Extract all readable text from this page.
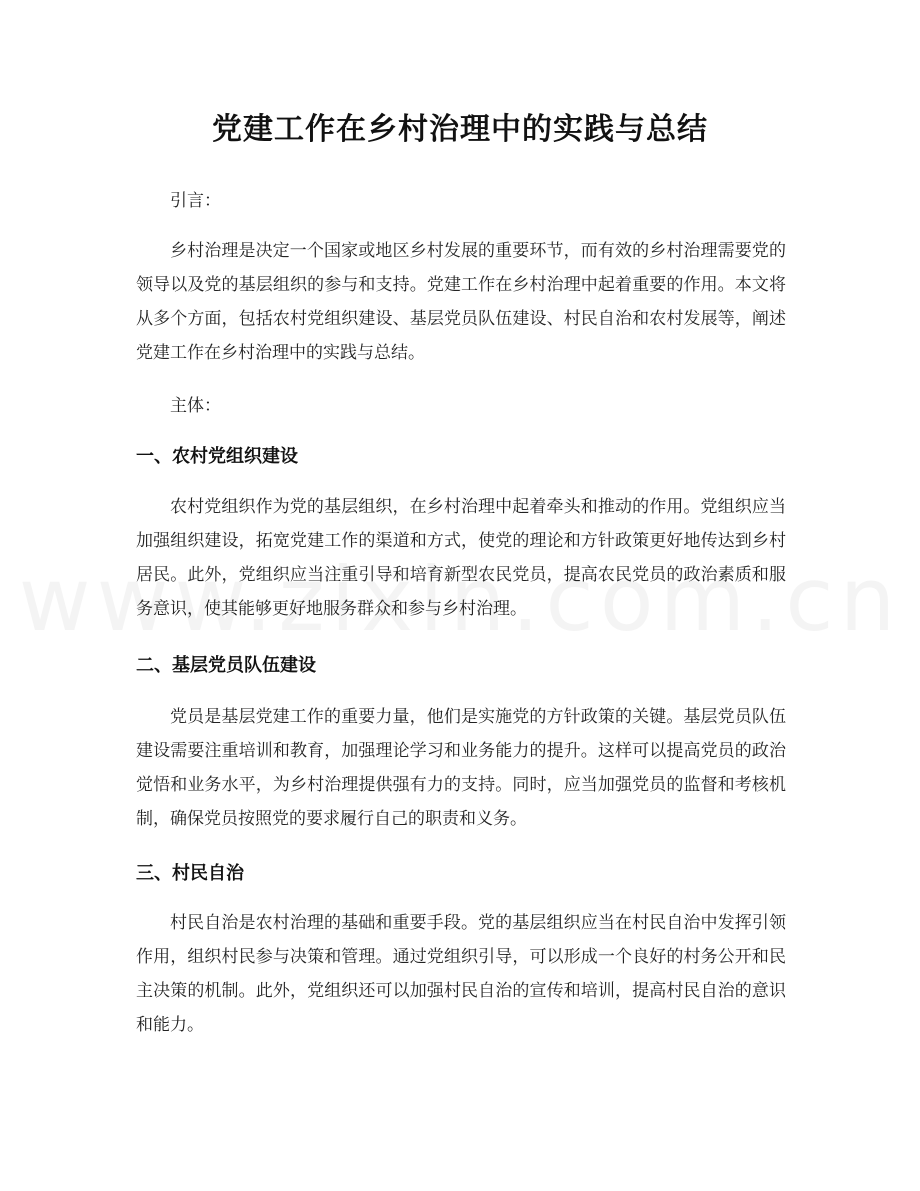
党建工作在乡村治理中的实践与总结

引言：

乡村治理是决定一个国家或地区乡村发展的重要环节，而有效的乡村治理需要党的领导以及党的基层组织的参与和支持。党建工作在乡村治理中起着重要的作用。本文将从多个方面，包括农村党组织建设、基层党员队伍建设、村民自治和农村发展等，阐述党建工作在乡村治理中的实践与总结。

主体：

一、农村党组织建设

农村党组织作为党的基层组织，在乡村治理中起着牵头和推动的作用。党组织应当加强组织建设，拓宽党建工作的渠道和方式，使党的理论和方针政策更好地传达到乡村居民。此外，党组织应当注重引导和培育新型农民党员，提高农民党员的政治素质和服务意识，使其能够更好地服务群众和参与乡村治理。

二、基层党员队伍建设

党员是基层党建工作的重要力量，他们是实施党的方针政策的关键。基层党员队伍建设需要注重培训和教育，加强理论学习和业务能力的提升。这样可以提高党员的政治觉悟和业务水平，为乡村治理提供强有力的支持。同时，应当加强党员的监督和考核机制，确保党员按照党的要求履行自己的职责和义务。

三、村民自治

村民自治是农村治理的基础和重要手段。党的基层组织应当在村民自治中发挥引领作用，组织村民参与决策和管理。通过党组织引导，可以形成一个良好的村务公开和民主决策的机制。此外，党组织还可以加强村民自治的宣传和培训，提高村民自治的意识和能力。
